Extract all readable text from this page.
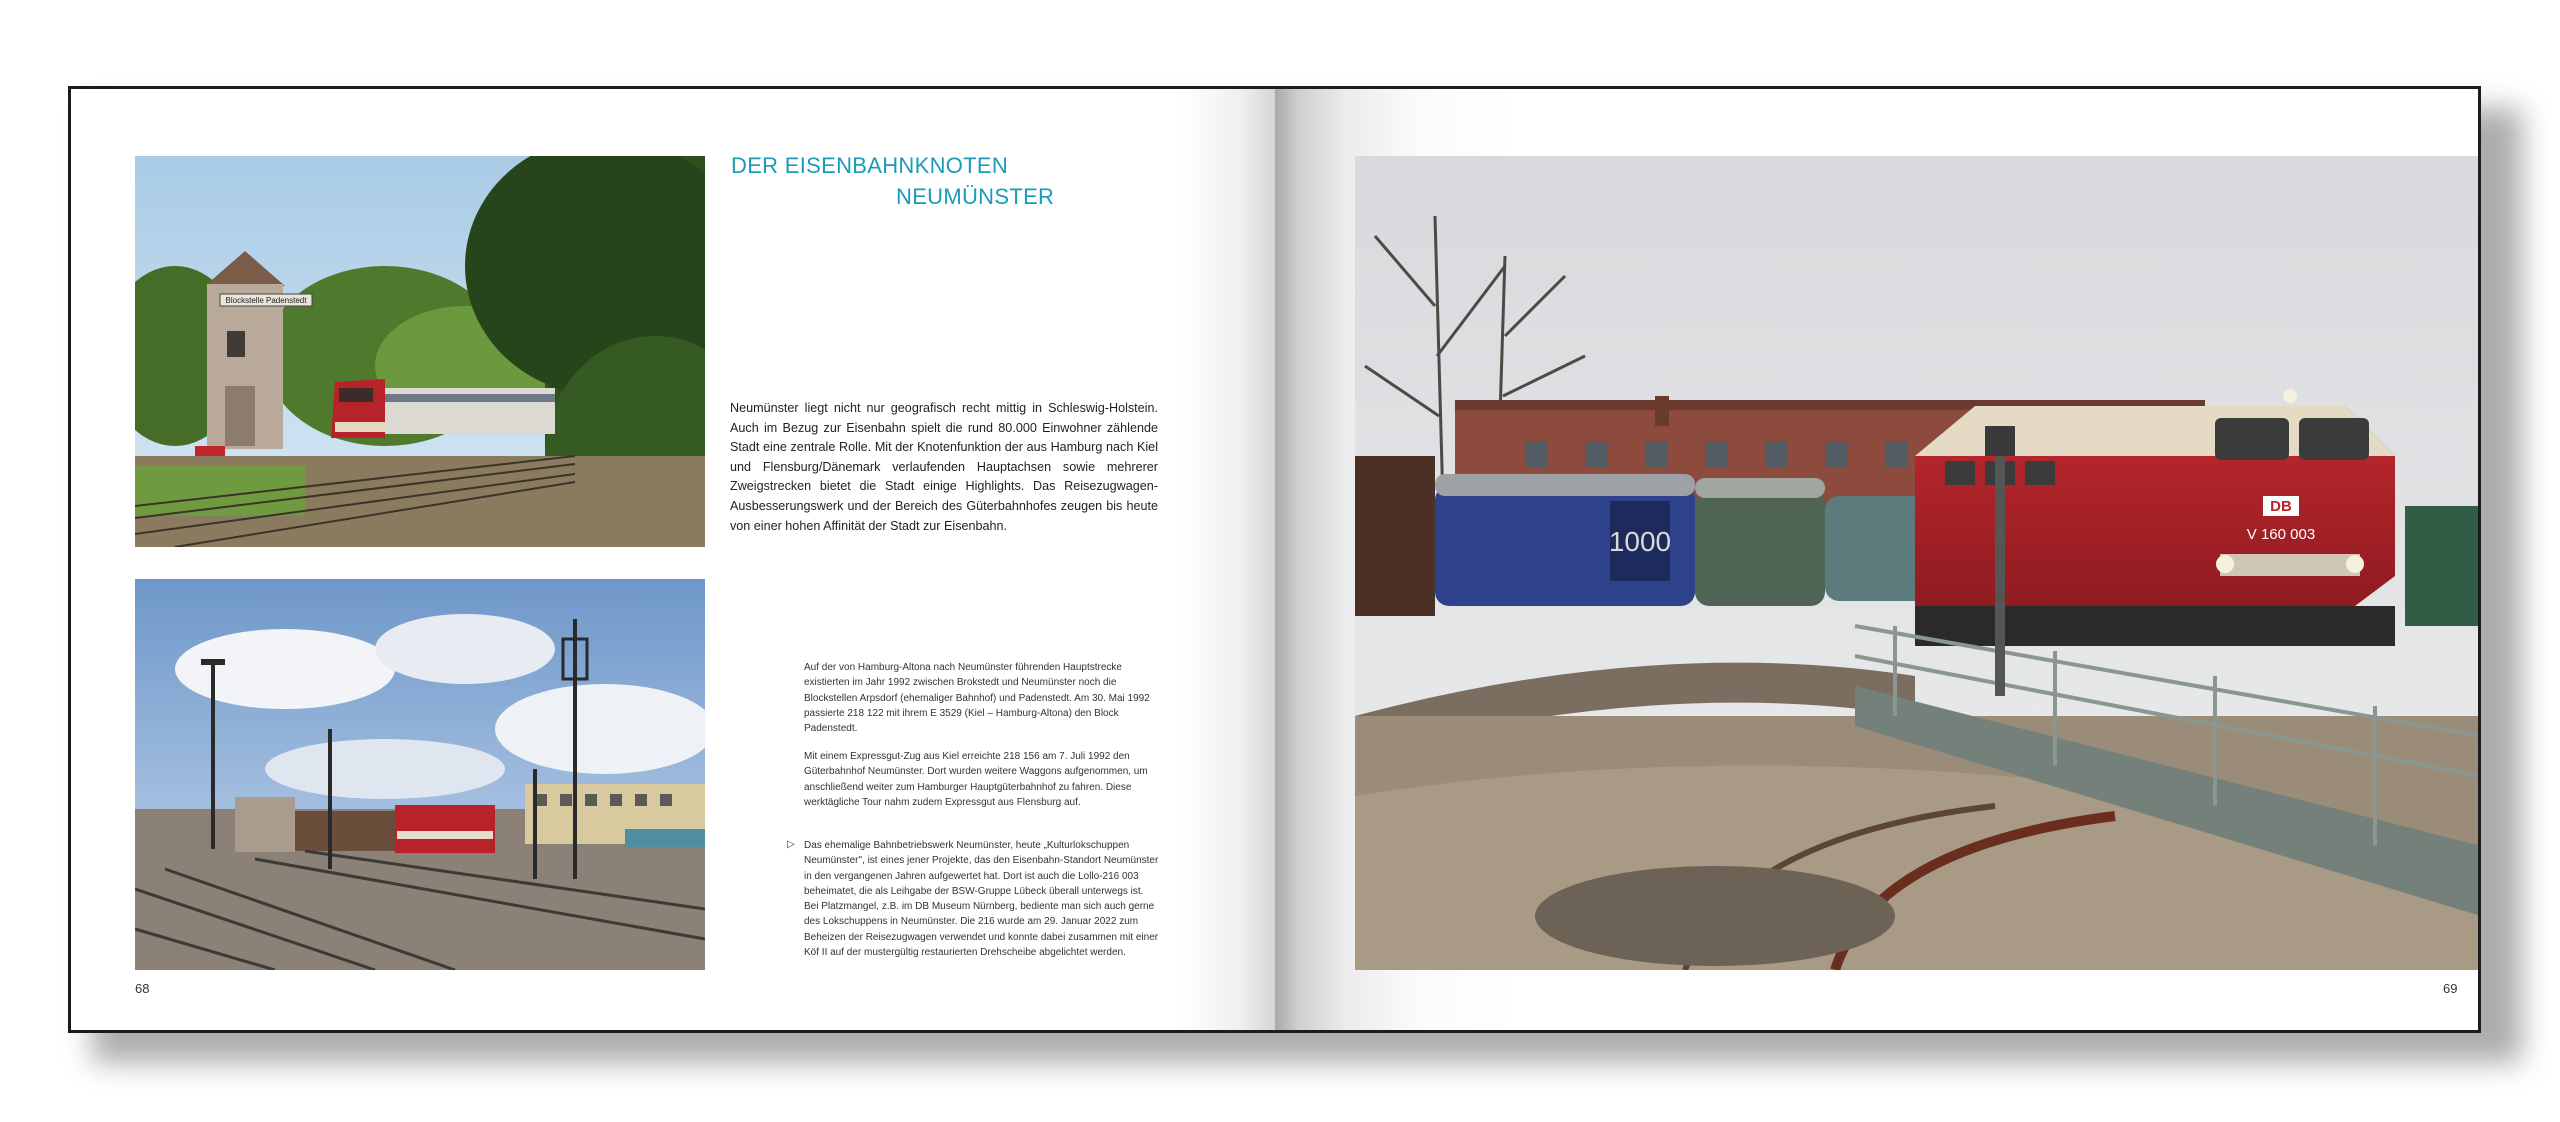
Blockstelle Padenstedt
DER EISENBAHNKNOTEN
NEUMÜNSTER

Neumünster liegt nicht nur geografisch recht mittig in Schleswig-Holstein. Auch im Bezug zur Eisenbahn spielt die rund 80.000 Einwohner zählende Stadt eine zentrale Rolle. Mit der Knotenfunktion der aus Hamburg nach Kiel und Flensburg/Dänemark verlaufenden Hauptachsen sowie mehrerer Zweigstrecken bietet die Stadt einige Highlights. Das Reisezugwagen-Ausbesserungswerk und der Bereich des Güterbahnhofes zeugen bis heute von einer hohen Affinität der Stadt zur Eisenbahn.

Auf der von Hamburg-Altona nach Neumünster führenden Hauptstrecke existierten im Jahr 1992 zwischen Brokstedt und Neumünster noch die Blockstellen Arpsdorf (ehemaliger Bahnhof) und Padenstedt. Am 30. Mai 1992 passierte 218 122 mit ihrem E 3529 (Kiel – Hamburg-Altona) den Block Padenstedt.

Mit einem Expressgut-Zug aus Kiel erreichte 218 156 am 7. Juli 1992 den Güterbahnhof Neumünster. Dort wurden weitere Waggons aufgenommen, um anschließend weiter zum Hamburger Hauptgüterbahnhof zu fahren. Diese werktägliche Tour nahm zudem Expressgut aus Flensburg auf.

▷ Das ehemalige Bahnbetriebswerk Neumünster, heute „Kulturlokschuppen Neumünster", ist eines jener Projekte, das den Eisenbahn-Standort Neumünster in den vergangenen Jahren aufgewertet hat. Dort ist auch die Lollo-216 003 beheimatet, die als Leihgabe der BSW-Gruppe Lübeck überall unterwegs ist. Bei Platzmangel, z.B. im DB Museum Nürnberg, bediente man sich auch gerne des Lokschuppens in Neumünster. Die 216 wurde am 29. Januar 2022 zum Beheizen der Reisezugwagen verwendet und konnte dabei zusammen mit einer Köf II auf der mustergültig restaurierten Drehscheibe abgelichtet werden.

68
1000
DB
V 160 003
69
